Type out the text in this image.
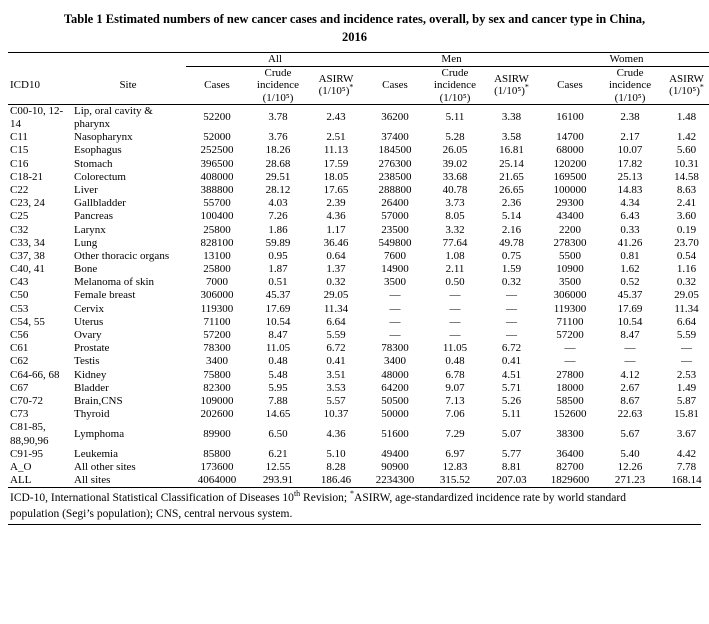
Table 1 Estimated numbers of new cancer cases and incidence rates, overall, by sex and cancer type in China, 2016
		All			Men			Women		
ICD10	Site	Cases	Crude
incidence
(1/10⁵)	ASIRW
(1/10⁵)*	Cases	Crude
incidence
(1/10⁵)	ASIRW
(1/10⁵)*	Cases	Crude
incidence
(1/10⁵)	ASIRW
(1/10⁵)*
C00-10, 12-14	Lip, oral cavity & pharynx	52200	3.78	2.43	36200	5.11	3.38	16100	2.38	1.48
C11	Nasopharynx	52000	3.76	2.51	37400	5.28	3.58	14700	2.17	1.42
C15	Esophagus	252500	18.26	11.13	184500	26.05	16.81	68000	10.07	5.60
C16	Stomach	396500	28.68	17.59	276300	39.02	25.14	120200	17.82	10.31
C18-21	Colorectum	408000	29.51	18.05	238500	33.68	21.65	169500	25.13	14.58
C22	Liver	388800	28.12	17.65	288800	40.78	26.65	100000	14.83	8.63
C23, 24	Gallbladder	55700	4.03	2.39	26400	3.73	2.36	29300	4.34	2.41
C25	Pancreas	100400	7.26	4.36	57000	8.05	5.14	43400	6.43	3.60
C32	Larynx	25800	1.86	1.17	23500	3.32	2.16	2200	0.33	0.19
C33, 34	Lung	828100	59.89	36.46	549800	77.64	49.78	278300	41.26	23.70
C37, 38	Other thoracic organs	13100	0.95	0.64	7600	1.08	0.75	5500	0.81	0.54
C40, 41	Bone	25800	1.87	1.37	14900	2.11	1.59	10900	1.62	1.16
C43	Melanoma of skin	7000	0.51	0.32	3500	0.50	0.32	3500	0.52	0.32
C50	Female breast	306000	45.37	29.05	—	—	—	306000	45.37	29.05
C53	Cervix	119300	17.69	11.34	—	—	—	119300	17.69	11.34
C54, 55	Uterus	71100	10.54	6.64	—	—	—	71100	10.54	6.64
C56	Ovary	57200	8.47	5.59	—	—	—	57200	8.47	5.59
C61	Prostate	78300	11.05	6.72	78300	11.05	6.72	—	—	—
C62	Testis	3400	0.48	0.41	3400	0.48	0.41	—	—	—
C64-66, 68	Kidney	75800	5.48	3.51	48000	6.78	4.51	27800	4.12	2.53
C67	Bladder	82300	5.95	3.53	64200	9.07	5.71	18000	2.67	1.49
C70-72	Brain,CNS	109000	7.88	5.57	50500	7.13	5.26	58500	8.67	5.87
C73	Thyroid	202600	14.65	10.37	50000	7.06	5.11	152600	22.63	15.81
C81-85, 88,90,96	Lymphoma	89900	6.50	4.36	51600	7.29	5.07	38300	5.67	3.67
C91-95	Leukemia	85800	6.21	5.10	49400	6.97	5.77	36400	5.40	4.42
A_O	All other sites	173600	12.55	8.28	90900	12.83	8.81	82700	12.26	7.78
ALL	All sites	4064000	293.91	186.46	2234300	315.52	207.03	1829600	271.23	168.14
ICD-10, International Statistical Classification of Diseases 10th Revision; *ASIRW, age-standardized incidence rate by world standard
population (Segi’s population); CNS, central nervous system.
